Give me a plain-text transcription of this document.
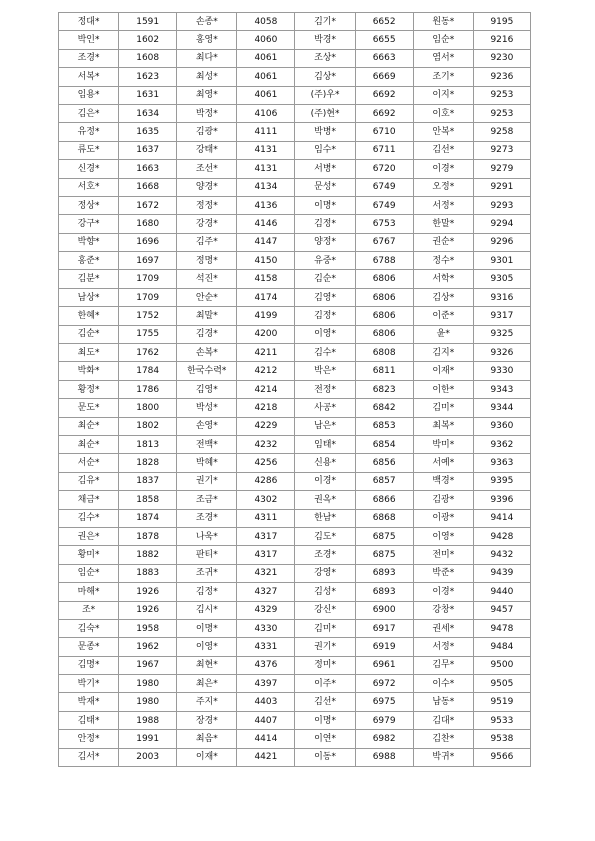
정대*	1591	손종*	4058	김기*	6652	원동*	9195
박인*	1602	홍영*	4060	박경*	6655	임순*	9216
조경*	1608	최다*	4061	조상*	6663	염서*	9230
서복*	1623	최성*	4061	김상*	6669	조기*	9236
임용*	1631	최영*	4061	(주)우*	6692	이지*	9253
김은*	1634	박정*	4106	(주)현*	6692	이호*	9253
유정*	1635	김광*	4111	박병*	6710	안복*	9258
류도*	1637	강태*	4131	임수*	6711	김선*	9273
신경*	1663	조선*	4131	서병*	6720	이경*	9279
서호*	1668	양경*	4134	문성*	6749	오정*	9291
정상*	1672	정정*	4136	이명*	6749	서정*	9293
강구*	1680	강경*	4146	김정*	6753	한말*	9294
박향*	1696	김주*	4147	양정*	6767	권순*	9296
홍준*	1697	정명*	4150	유중*	6788	정수*	9301
김분*	1709	석진*	4158	김순*	6806	서학*	9305
남상*	1709	안순*	4174	김영*	6806	김상*	9316
한혜*	1752	최말*	4199	김정*	6806	이준*	9317
김순*	1755	김경*	4200	이영*	6806	윤*	9325
최도*	1762	손복*	4211	김수*	6808	김지*	9326
박화*	1784	한국수력*	4212	박은*	6811	이재*	9330
황정*	1786	김영*	4214	전정*	6823	이한*	9343
문도*	1800	박성*	4218	사공*	6842	김미*	9344
최순*	1802	손영*	4229	남은*	6853	최복*	9360
최순*	1813	전백*	4232	임태*	6854	박미*	9362
서순*	1828	박혜*	4256	신용*	6856	서예*	9363
김유*	1837	권기*	4286	이경*	6857	백경*	9395
채금*	1858	조금*	4302	권옥*	6866	김광*	9396
김수*	1874	조경*	4311	한남*	6868	이광*	9414
권은*	1878	나욱*	4317	김도*	6875	이영*	9428
황미*	1882	판티*	4317	조경*	6875	전미*	9432
임순*	1883	조귀*	4321	강영*	6893	박준*	9439
마해*	1926	김정*	4327	김성*	6893	이경*	9440
조*	1926	김시*	4329	강신*	6900	강창*	9457
김숙*	1958	이명*	4330	김미*	6917	권세*	9478
문종*	1962	이영*	4331	권기*	6919	서정*	9484
김명*	1967	최현*	4376	정미*	6961	김무*	9500
박기*	1980	최은*	4397	이주*	6972	이수*	9505
박재*	1980	주지*	4403	김선*	6975	남동*	9519
김태*	1988	장경*	4407	이명*	6979	김대*	9533
안정*	1991	최음*	4414	이연*	6982	김찬*	9538
김서*	2003	이재*	4421	이동*	6988	박귀*	9566
